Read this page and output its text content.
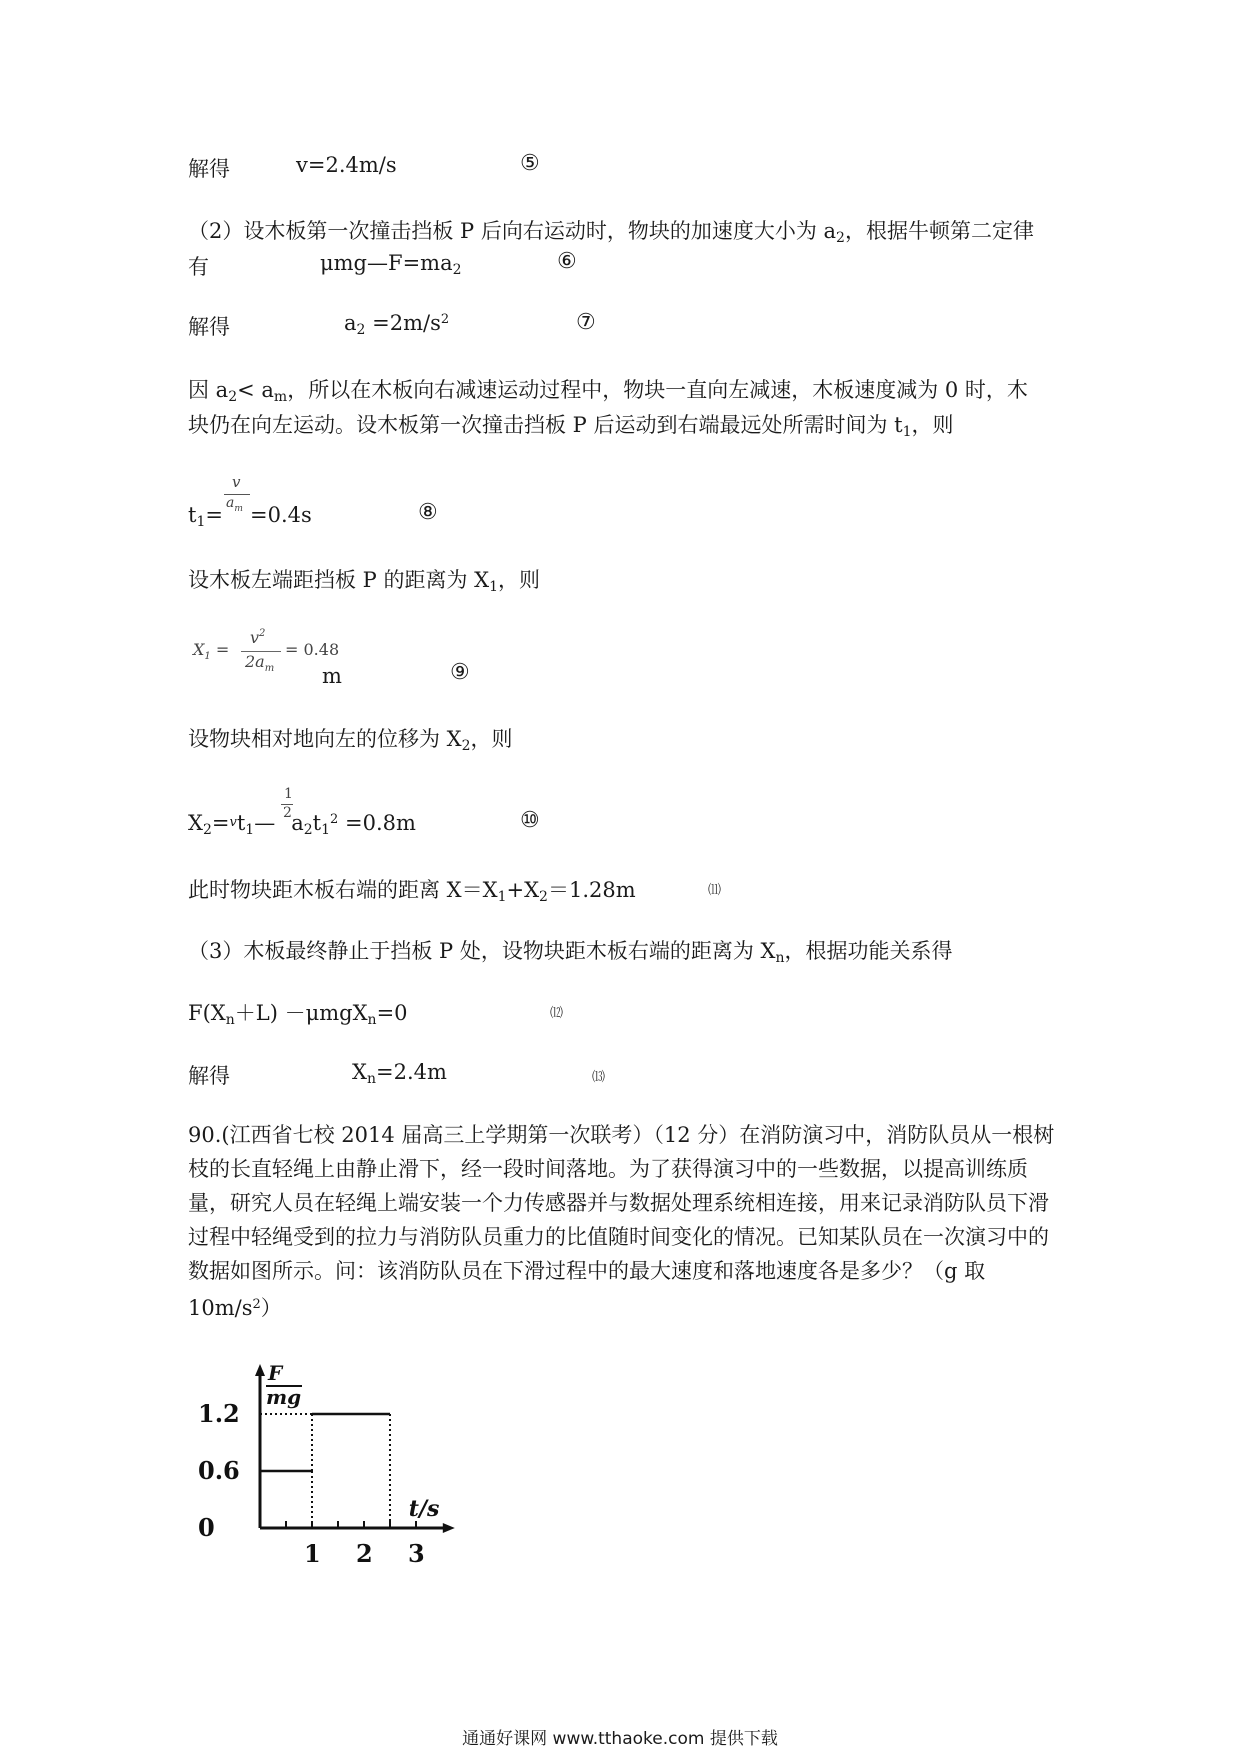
解得	v=2.4m/s	⑤
（2）设木板第一次撞击挡板 P 后向右运动时，物块的加速度大小为 $a_2$，根据牛顿第二定律
有	$\mu mg—F=ma_2$	⑥
解得	$a_2 =2m/s^2$	⑦
因 $a_2< a_m$，所以在木板向右减速运动过程中，物块一直向左减速，木板速度减为 0 时，木
块仍在向左运动。设木板第一次撞击挡板 P 后运动到右端最远处所需时间为 $t_1$，则
v
$a_m$
$t_1= =0.4s$	⑧
设木板左端距挡板 P 的距离为 $X_1$，则
$X_1$ =
$v^2$
$2a_m$
= 0.48
m	⑨
设物块相对地向左的位移为 $X_2$，则
1
2
$X_2=vt_1—$ $a_2t_1^2 =0.8m$	⑩
此时物块距木板右端的距离 $X=X_1+X_2=1.28m$	⑾
（3）木板最终静止于挡板 P 处，设物块距木板右端的距离为 $X_n$，根据功能关系得
$F(X_n+L) -\mu mgX_n=0$	⑿
解得	$X_n=2.4m$	⒀
90.(江西省七校 2014 届高三上学期第一次联考）（12 分）在消防演习中，消防队员从一根树枝的长直轻绳上由静止滑下，经一段时间落地。为了获得演习中的一些数据，以提高训练质量，研究人员在轻绳上端安装一个力传感器并与数据处理系统相连接，用来记录消防队员下滑过程中轻绳受到的拉力与消防队员重力的比值随时间变化的情况。已知某队员在一次演习中的数据如图所示。问：该消防队员在下滑过程中的最大速度和落地速度各是多少？（g 取 $10m/s^2$）
F
mg
t/s
1.2
0.6
0
1 2 3
通通好课网 www.tthaoke.com 提供下载
